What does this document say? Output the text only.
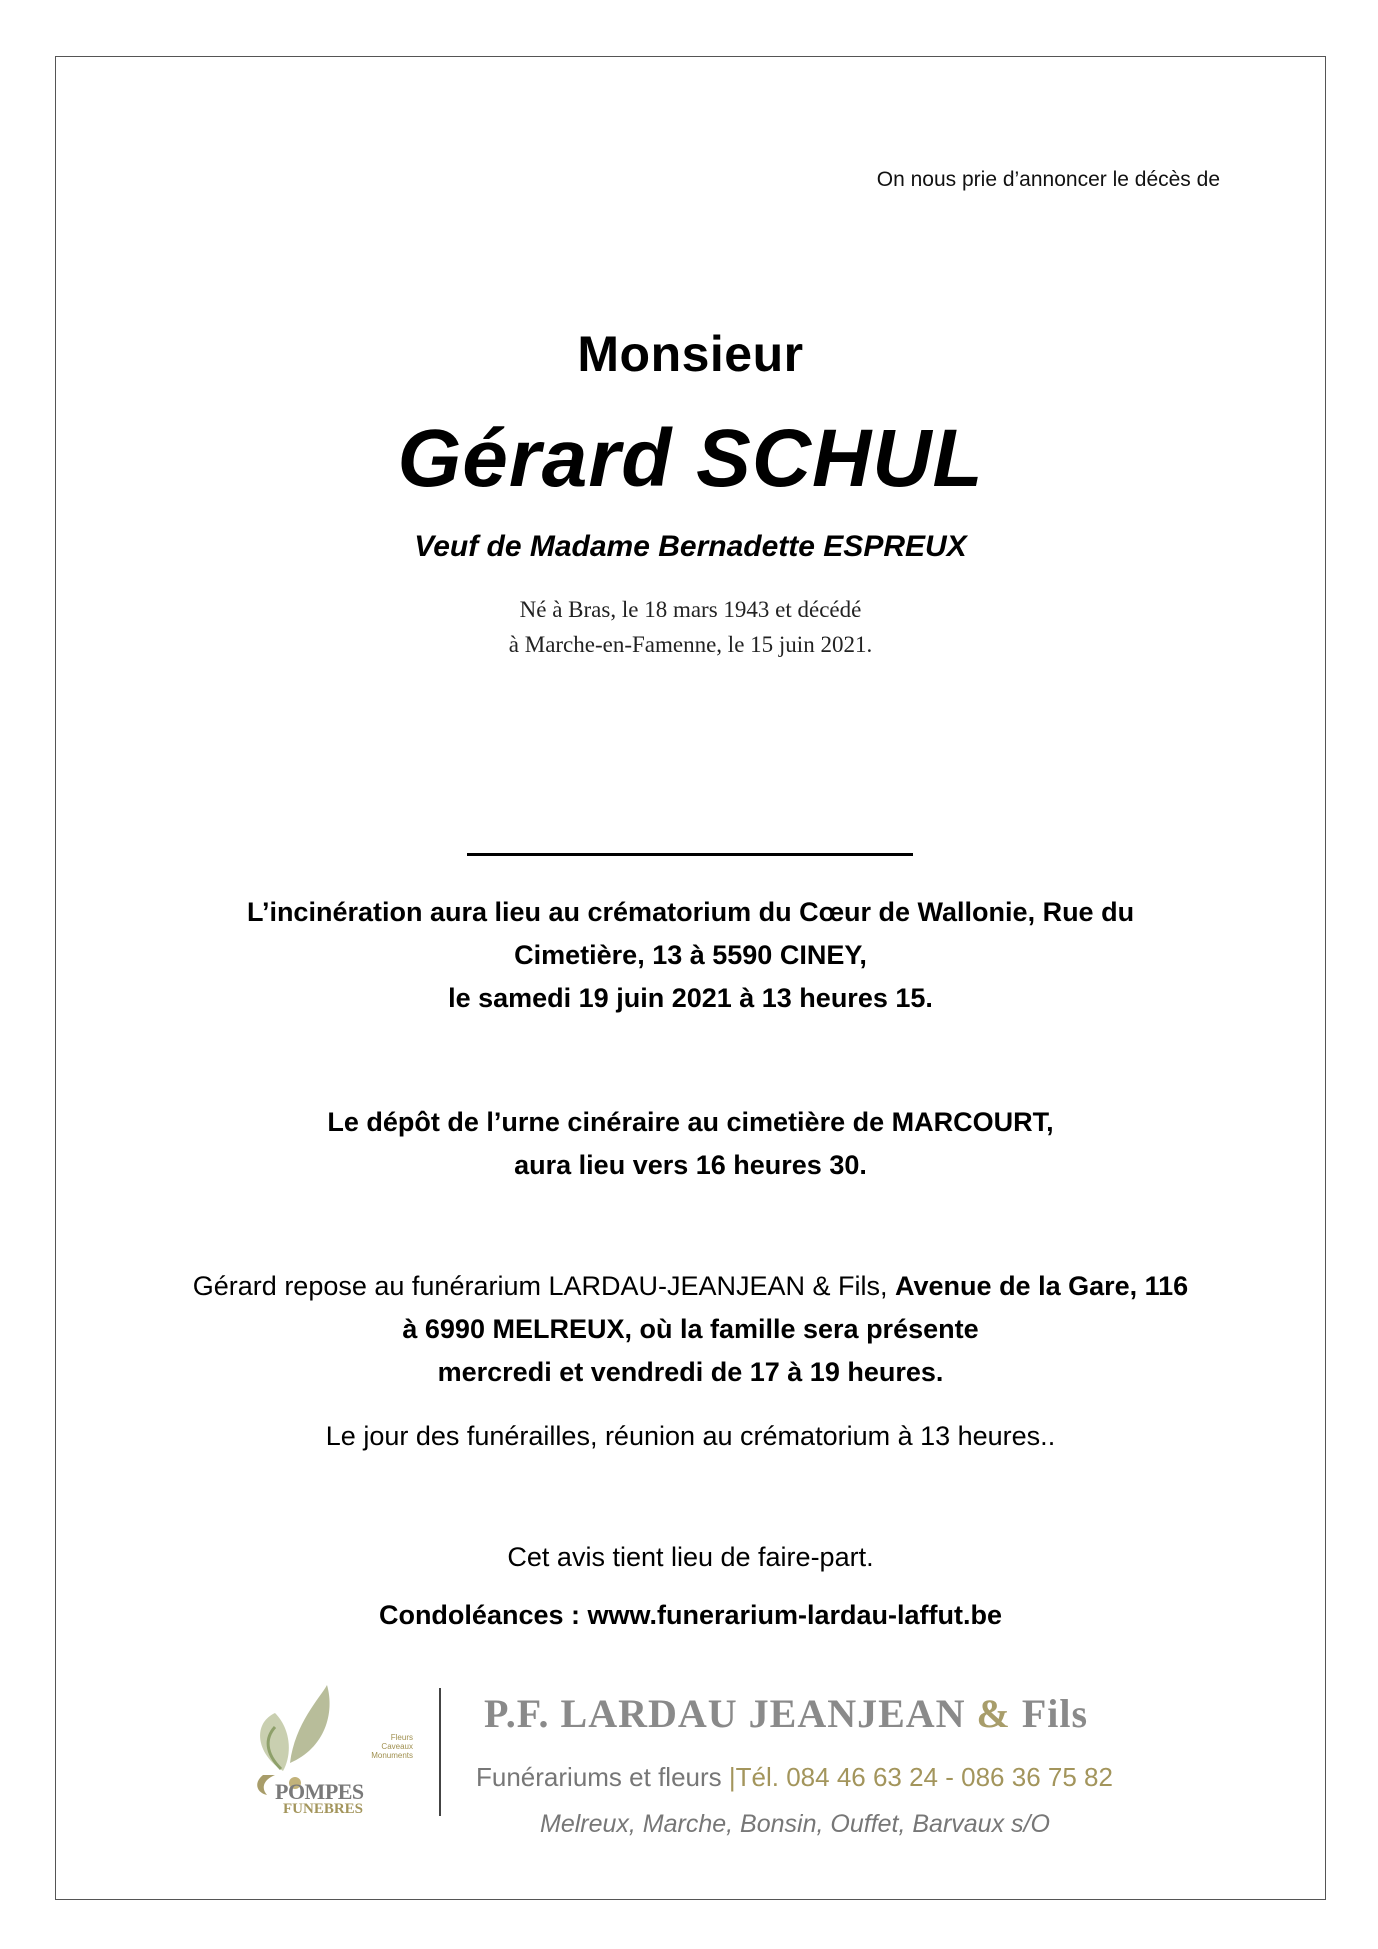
On nous prie d’annoncer le décès de
Monsieur
Gérard SCHUL
Veuf de Madame Bernadette ESPREUX
Né à Bras, le 18 mars 1943 et décédé
à Marche-en-Famenne, le 15 juin 2021.
L’incinération aura lieu au crématorium du Cœur de Wallonie, Rue du
Cimetière, 13 à 5590 CINEY,
le samedi 19 juin 2021 à 13 heures 15.
Le dépôt de l’urne cinéraire au cimetière de MARCOURT,
aura lieu vers 16 heures 30.
Gérard repose au funérarium LARDAU-JEANJEAN & Fils, Avenue de la Gare, 116
à 6990 MELREUX, où la famille sera présente
mercredi et vendredi de 17 à 19 heures.
Le jour des funérailles, réunion au crématorium à 13 heures..
Cet avis tient lieu de faire-part.
Condoléances : www.funerarium-lardau-laffut.be
Fleurs
Caveaux
Monuments
POMPES
FUNEBRES
P.F. LARDAU JEANJEAN & Fils
Funérariums et fleurs |Tél. 084 46 63 24 - 086 36 75 82
Melreux, Marche, Bonsin, Ouffet, Barvaux s/O
